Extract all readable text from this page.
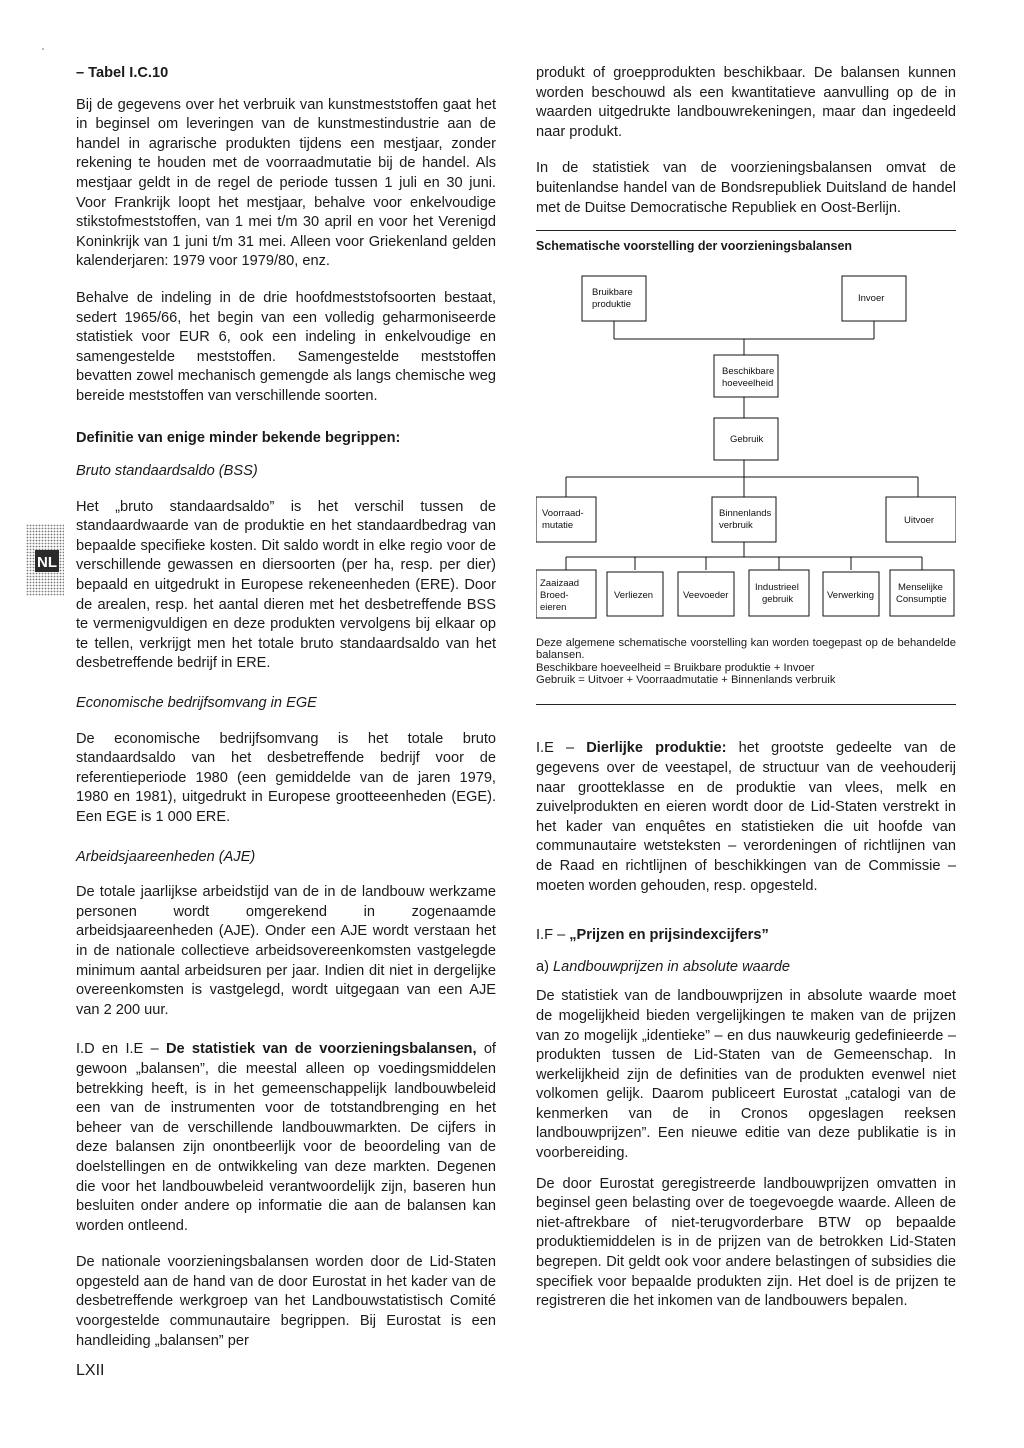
– Tabel I.C.10

Bij de gegevens over het verbruik van kunstmeststoffen gaat het in beginsel om leveringen van de kunstmestindustrie aan de handel in agrarische produkten tijdens een mestjaar, zonder rekening te houden met de voorraadmutatie bij de handel. Als mestjaar geldt in de regel de periode tussen 1 juli en 30 juni. Voor Frankrijk loopt het mestjaar, behalve voor enkelvoudige stikstofmeststoffen, van 1 mei t/m 30 april en voor het Verenigd Koninkrijk van 1 juni t/m 31 mei. Alleen voor Griekenland gelden kalenderjaren: 1979 voor 1979/80, enz.

Behalve de indeling in de drie hoofdmeststofsoorten bestaat, sedert 1965/66, het begin van een volledig geharmoniseerde statistiek voor EUR 6, ook een indeling in enkelvoudige en samengestelde meststoffen. Samengestelde meststoffen bevatten zowel mechanisch gemengde als langs chemische weg bereide meststoffen van verschillende soorten.

Definitie van enige minder bekende begrippen:

Bruto standaardsaldo (BSS)

Het „bruto standaardsaldo” is het verschil tussen de standaardwaarde van de produktie en het standaardbedrag van bepaalde specifieke kosten. Dit saldo wordt in elke regio voor de verschillende gewassen en diersoorten (per ha, resp. per dier) bepaald en uitgedrukt in Europese rekeneenheden (ERE). Door de arealen, resp. het aantal dieren met het desbetreffende BSS te vermenigvuldigen en deze produkten vervolgens bij elkaar op te tellen, verkrijgt men het totale bruto standaardsaldo van het desbetreffende bedrijf in ERE.

Economische bedrijfsomvang in EGE

De economische bedrijfsomvang is het totale bruto standaardsaldo van het desbetreffende bedrijf voor de referentieperiode 1980 (een gemiddelde van de jaren 1979, 1980 en 1981), uitgedrukt in Europese grootteeenheden (EGE). Een EGE is 1 000 ERE.

Arbeidsjaareenheden (AJE)

De totale jaarlijkse arbeidstijd van de in de landbouw werkzame personen wordt omgerekend in zogenaamde arbeidsjaareenheden (AJE). Onder een AJE wordt verstaan het in de nationale collectieve arbeidsovereenkomsten vastgelegde minimum aantal arbeidsuren per jaar. Indien dit niet in dergelijke overeenkomsten is vastgelegd, wordt uitgegaan van een AJE van 2 200 uur.

I.D en I.E – De statistiek van de voorzieningsbalansen, of gewoon „balansen”, die meestal alleen op voedingsmiddelen betrekking heeft, is in het gemeenschappelijk landbouwbeleid een van de instrumenten voor de totstandbrenging en het beheer van de verschillende landbouwmarkten. De cijfers in deze balansen zijn onontbeerlijk voor de beoordeling van de doelstellingen en de ontwikkeling van deze markten. Degenen die voor het landbouwbeleid verantwoordelijk zijn, baseren hun besluiten onder andere op informatie die aan de balansen kan worden ontleend.

De nationale voorzieningsbalansen worden door de Lid-Staten opgesteld aan de hand van de door Eurostat in het kader van de desbetreffende werkgroep van het Landbouwstatistisch Comité voorgestelde communautaire begrippen. Bij Eurostat is een handleiding „balansen” per

NL

produkt of groepprodukten beschikbaar. De balansen kunnen worden beschouwd als een kwantitatieve aanvulling op de in waarden uitgedrukte landbouwrekeningen, maar dan ingedeeld naar produkt.

In de statistiek van de voorzieningsbalansen omvat de buitenlandse handel van de Bondsrepubliek Duitsland de handel met de Duitse Democratische Republiek en Oost-Berlijn.

Schematische voorstelling der voorzieningsbalansen

Bruikbare
produktie
Invoer
Beschikbare
hoeveelheid
Gebruik
Voorraad-
mutatie
Binnenlands
verbruik	Uitvoer
Zaaizaad
Broed-
eieren
Verliezen	Veevoeder
Industrieel
gebruik	Verwerking
Menselijke
Consumptie

Deze algemene schematische voorstelling kan worden toegepast op de behandelde balansen.

Beschikbare hoeveelheid = Bruikbare produktie + Invoer

Gebruik = Uitvoer + Voorraadmutatie + Binnenlands verbruik

I.E – Dierlijke produktie: het grootste gedeelte van de gegevens over de veestapel, de structuur van de veehouderij naar grootteklasse en de produktie van vlees, melk en zuivelprodukten en eieren wordt door de Lid-Staten verstrekt in het kader van enquêtes en statistieken die uit hoofde van communautaire wetsteksten – verordeningen of richtlijnen van de Raad en richtlijnen of beschikkingen van de Commissie – moeten worden gehouden, resp. opgesteld.

I.F – „Prijzen en prijsindexcijfers”

a) Landbouwprijzen in absolute waarde

De statistiek van de landbouwprijzen in absolute waarde moet de mogelijkheid bieden vergelijkingen te maken van de prijzen van zo mogelijk „identieke” – en dus nauwkeurig gedefinieerde – produkten tussen de Lid-Staten van de Gemeenschap. In werkelijkheid zijn de definities van de produkten evenwel niet volkomen gelijk. Daarom publiceert Eurostat „catalogi van de kenmerken van de in Cronos opgeslagen reeksen landbouwprijzen”. Een nieuwe editie van deze publikatie is in voorbereiding.

De door Eurostat geregistreerde landbouwprijzen omvatten in beginsel geen belasting over de toegevoegde waarde. Alleen de niet-aftrekbare of niet-terugvorderbare BTW op bepaalde produktiemiddelen is in de prijzen van de betrokken Lid-Staten begrepen. Dit geldt ook voor andere belastingen of subsidies die specifiek voor bepaalde produkten zijn. Het doel is de prijzen te registreren die het inkomen van de landbouwers bepalen.

LXII
